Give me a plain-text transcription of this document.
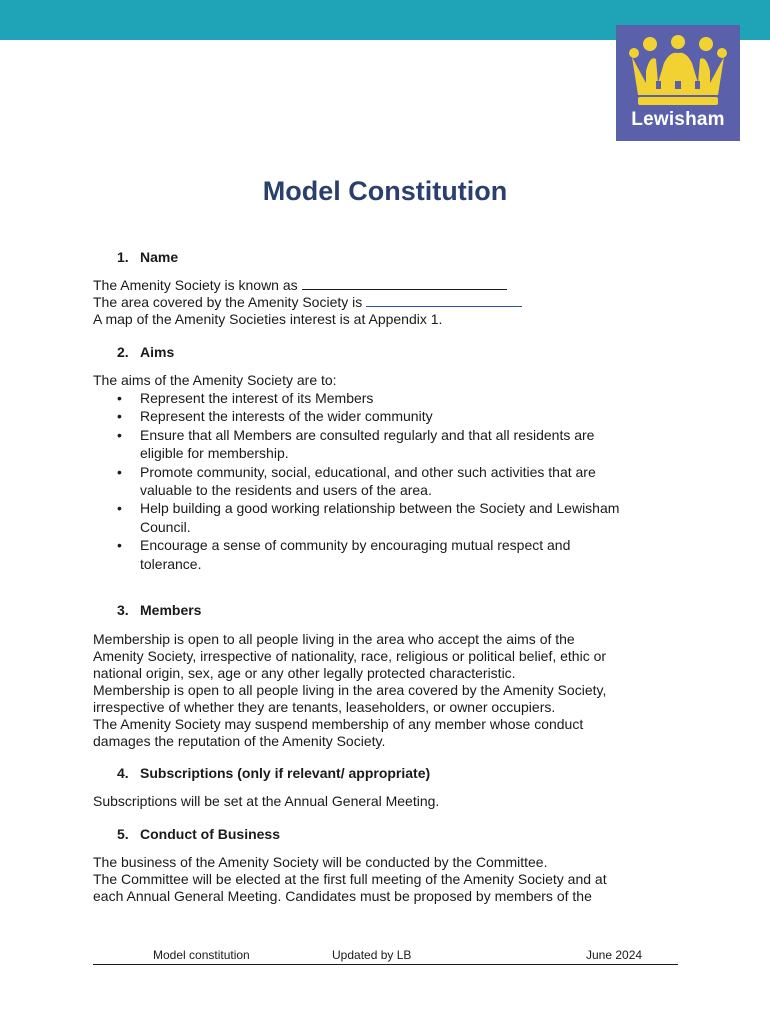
Lewisham
Model Constitution
1. Name
The Amenity Society is known as
The area covered by the Amenity Society is
A map of the Amenity Societies interest is at Appendix 1.
2. Aims
The aims of the Amenity Society are to:
• Represent the interest of its Members
• Represent the interests of the wider community
• Ensure that all Members are consulted regularly and that all residents are
eligible for membership.
• Promote community, social, educational, and other such activities that are
valuable to the residents and users of the area.
• Help building a good working relationship between the Society and Lewisham
Council.
• Encourage a sense of community by encouraging mutual respect and
tolerance.
3. Members
Membership is open to all people living in the area who accept the aims of the
Amenity Society, irrespective of nationality, race, religious or political belief, ethic or
national origin, sex, age or any other legally protected characteristic.
Membership is open to all people living in the area covered by the Amenity Society,
irrespective of whether they are tenants, leaseholders, or owner occupiers.
The Amenity Society may suspend membership of any member whose conduct
damages the reputation of the Amenity Society.
4. Subscriptions (only if relevant/ appropriate)
Subscriptions will be set at the Annual General Meeting.
5. Conduct of Business
The business of the Amenity Society will be conducted by the Committee.
The Committee will be elected at the first full meeting of the Amenity Society and at
each Annual General Meeting. Candidates must be proposed by members of the
Model constitution	Updated by LB	June 2024
